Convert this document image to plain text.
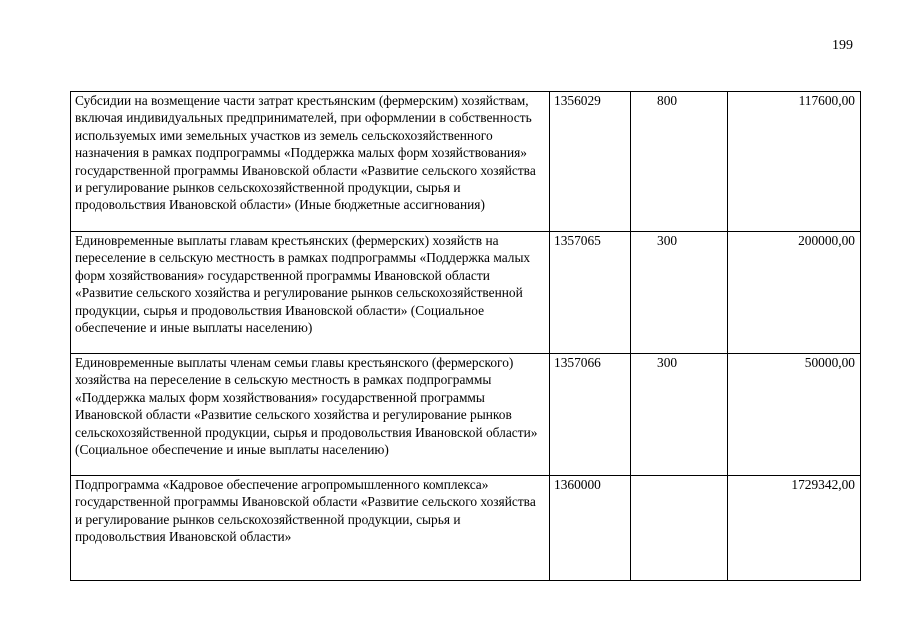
199
Субсидии на возмещение части затрат крестьянским (фермерским) хозяйствам, включая индивидуальных предпринимателей, при оформлении в собственность используемых ими земельных участков из земель сельскохозяйственного назначения в рамках подпрограммы «Поддержка малых форм хозяйствования» государственной программы Ивановской области «Развитие сельского хозяйства и регулирование рынков сельскохозяйственной продукции, сырья и продовольствия Ивановской области» (Иные бюджетные ассигнования)	1356029	800	117600,00
Единовременные выплаты главам крестьянских (фермерских) хозяйств на переселение в сельскую местность в рамках подпрограммы «Поддержка малых форм хозяйствования» государственной программы Ивановской области «Развитие сельского хозяйства и регулирование рынков сельскохозяйственной продукции, сырья и продовольствия Ивановской области» (Социальное обеспечение и иные выплаты населению)	1357065	300	200000,00
Единовременные выплаты членам семьи главы крестьянского (фермерского) хозяйства на переселение в сельскую местность в рамках подпрограммы «Поддержка малых форм хозяйствования» государственной программы Ивановской области «Развитие сельского хозяйства и регулирование рынков сельскохозяйственной продукции, сырья и продовольствия Ивановской области» (Социальное обеспечение и иные выплаты населению)	1357066	300	50000,00
Подпрограмма «Кадровое обеспечение агропромышленного комплекса» государственной программы Ивановской области «Развитие сельского хозяйства и регулирование рынков сельскохозяйственной продукции, сырья и продовольствия Ивановской области»	1360000		1729342,00
